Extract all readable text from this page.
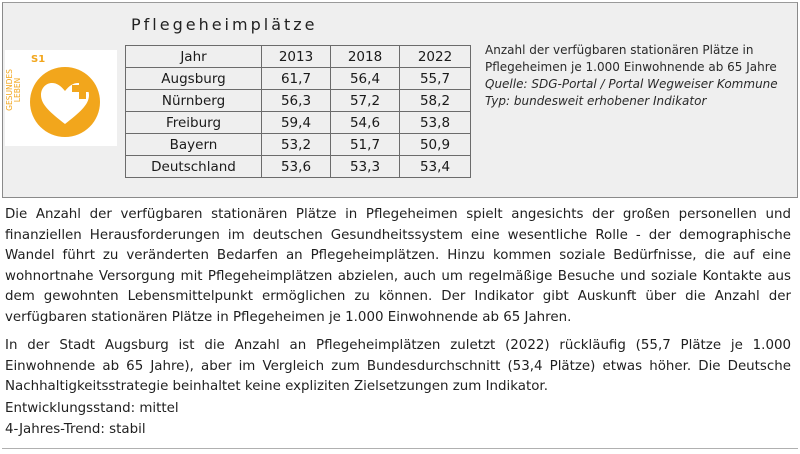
Pflegeheimplätze
GESUNDES LEBEN
S1	Jahr	2013	2018	2022
Augsburg	61,7	56,4	55,7
Nürnberg	56,3	57,2	58,2
Freiburg	59,4	54,6	53,8
Bayern	53,2	51,7	50,9
Deutschland	53,6	53,3	53,4
Anzahl der verfügbaren stationären Plätze in
Pflegeheimen je 1.000 Einwohnende ab 65 Jahre
Quelle: SDG-Portal / Portal Wegweiser Kommune
Typ: bundesweit erhobener Indikator

Die Anzahl der verfügbaren stationären Plätze in Pflegeheimen spielt angesichts der großen personellen und finanziellen Herausforderungen im deutschen Gesundheitssystem eine wesentliche Rolle - der demographische Wandel führt zu veränderten Bedarfen an Pflegeheimplätzen. Hinzu kommen soziale Bedürfnisse, die auf eine wohnortnahe Versorgung mit Pflegeheimplätzen abzielen, auch um regelmäßige Besuche und soziale Kontakte aus dem gewohnten Lebensmittelpunkt ermöglichen zu können. Der Indikator gibt Auskunft über die Anzahl der verfügbaren stationären Plätze in Pflegeheimen je 1.000 Einwohnende ab 65 Jahren.

In der Stadt Augsburg ist die Anzahl an Pflegeheimplätzen zuletzt (2022) rückläufig (55,7 Plätze je 1.000 Einwohnende ab 65 Jahre), aber im Vergleich zum Bundesdurchschnitt (53,4 Plätze) etwas höher. Die Deutsche Nachhaltigkeitsstrategie beinhaltet keine expliziten Zielsetzungen zum Indikator.

Entwicklungsstand: mittel
4-Jahres-Trend: stabil
